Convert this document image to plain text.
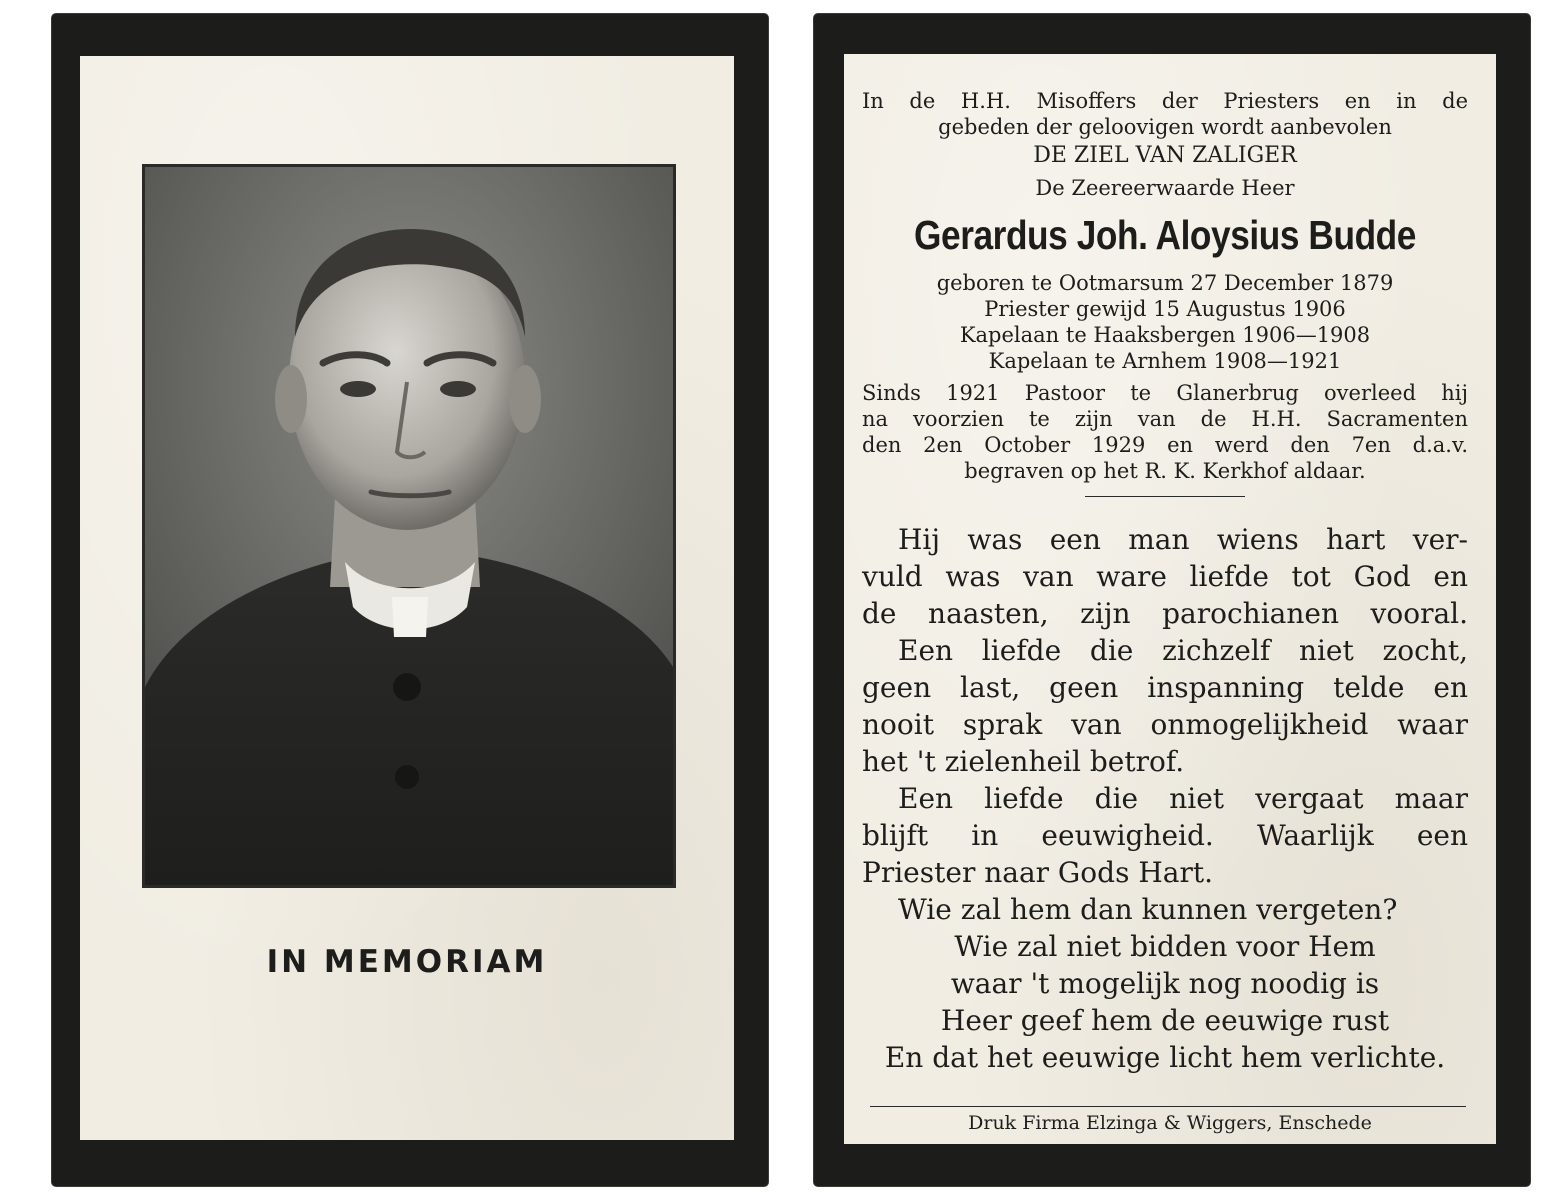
IN MEMORIAM
In de H.H. Misoffers der Priesters en in de
gebeden der geloovigen wordt aanbevolen
DE ZIEL VAN ZALIGER
De Zeereerwaarde Heer
Gerardus Joh. Aloysius Budde
geboren te Ootmarsum 27 December 1879
Priester gewijd 15 Augustus 1906
Kapelaan te Haaksbergen 1906—1908
Kapelaan te Arnhem 1908—1921
Sinds 1921 Pastoor te Glanerbrug overleed hij
na voorzien te zijn van de H.H. Sacramenten
den 2en October 1929 en werd den 7en d.a.v.
begraven op het R. K. Kerkhof aldaar.
Hij was een man wiens hart ver-
vuld was van ware liefde tot God en
de naasten, zijn parochianen vooral.
Een liefde die zichzelf niet zocht,
geen last, geen inspanning telde en
nooit sprak van onmogelijkheid waar
het 't zielenheil betrof.
Een liefde die niet vergaat maar
blijft in eeuwigheid. Waarlijk een
Priester naar Gods Hart.
Wie zal hem dan kunnen vergeten?
Wie zal niet bidden voor Hem
waar 't mogelijk nog noodig is
Heer geef hem de eeuwige rust
En dat het eeuwige licht hem verlichte.
Druk Firma Elzinga & Wiggers, Enschede
